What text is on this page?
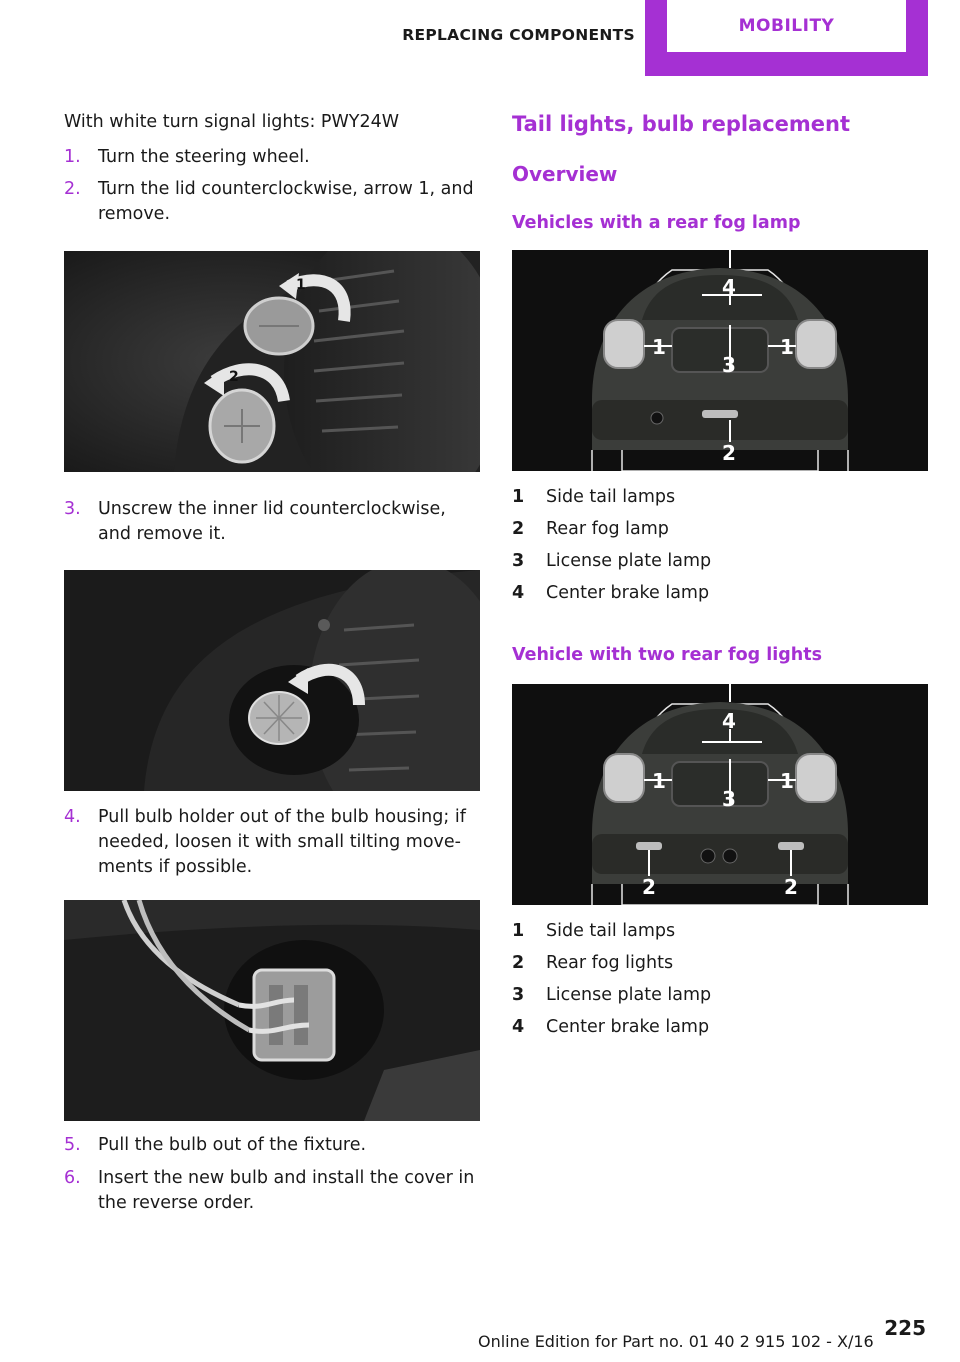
REPLACING COMPONENTS	MOBILITY

With white turn signal lights: PWY24W

1. Turn the steering wheel.
2. Turn the lid counterclockwise, arrow 1, and remove.
1
2
3. Unscrew the inner lid counterclockwise, and remove it.
4. Pull bulb holder out of the bulb housing; if needed, loosen it with small tilting move‐ments if possible.
5. Pull the bulb out of the fixture.
6. Insert the new bulb and install the cover in the reverse order.
Tail lights, bulb replacement
Overview
Vehicles with a rear fog lamp
1	1
3
4
2
1 Side tail lamps
2 Rear fog lamp
3 License plate lamp
4 Center brake lamp
Vehicle with two rear fog lights
1	1
3
4
2	2
1 Side tail lamps
2 Rear fog lights
3 License plate lamp
4 Center brake lamp
225
Online Edition for Part no. 01 40 2 915 102 - X/16
